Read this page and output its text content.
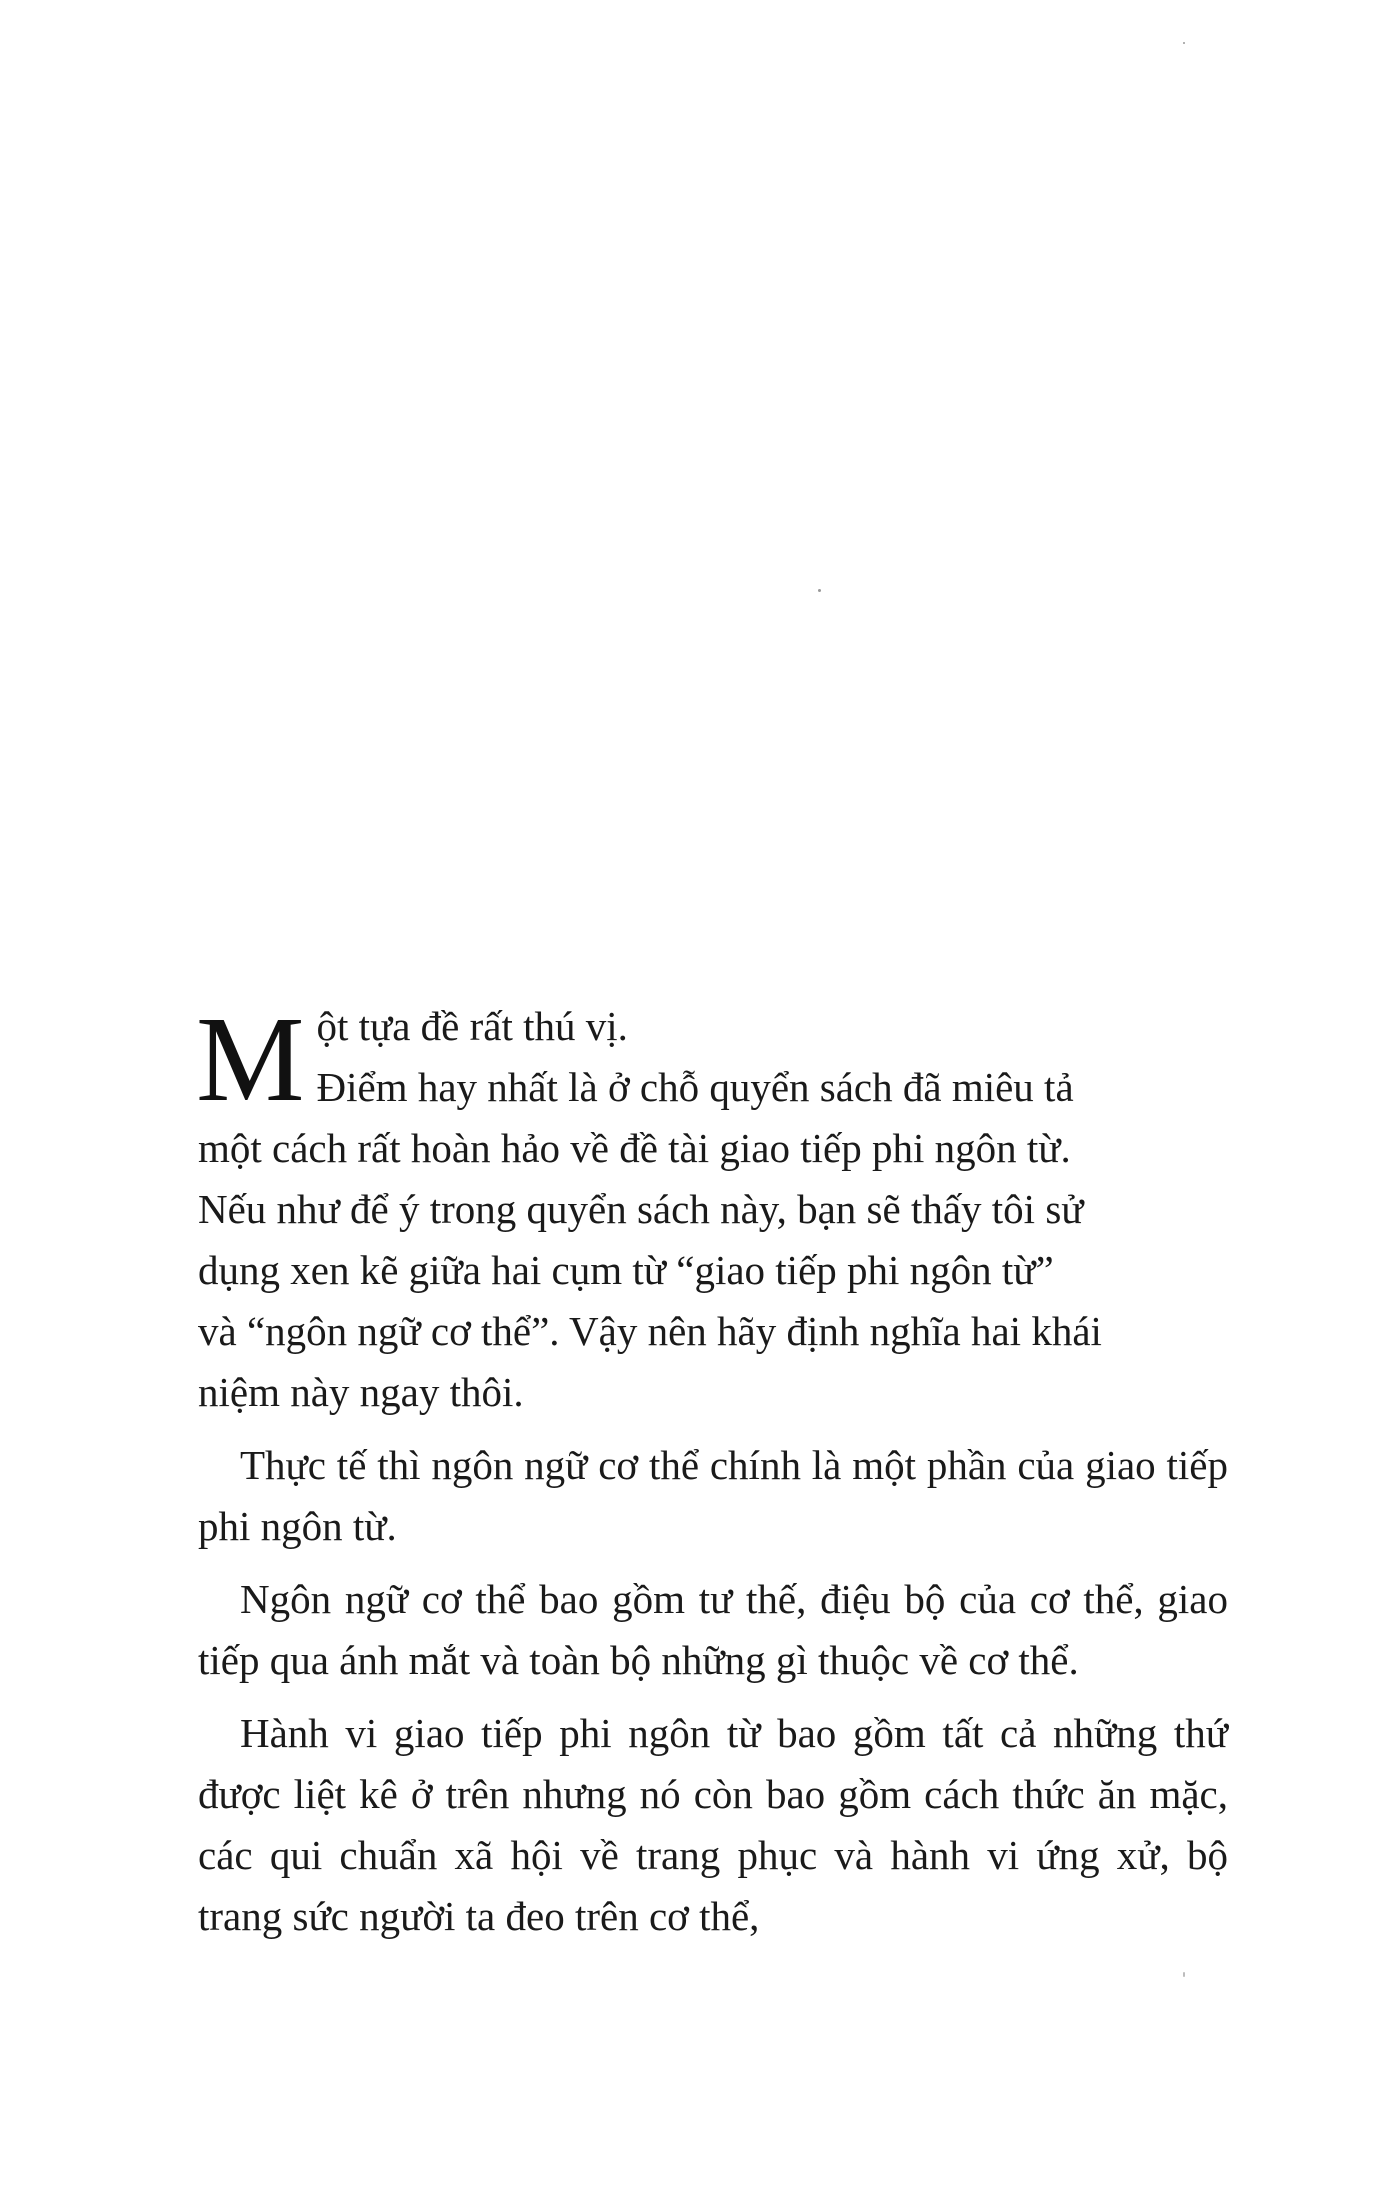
M ột tựa đề rất thú vị.
Điểm hay nhất là ở chỗ quyển sách đã miêu tả
một cách rất hoàn hảo về đề tài giao tiếp phi ngôn từ.
Nếu như để ý trong quyển sách này, bạn sẽ thấy tôi sử
dụng xen kẽ giữa hai cụm từ “giao tiếp phi ngôn từ”
và “ngôn ngữ cơ thể”. Vậy nên hãy định nghĩa hai khái
niệm này ngay thôi.

Thực tế thì ngôn ngữ cơ thể chính là một phần của giao tiếp phi ngôn từ.

Ngôn ngữ cơ thể bao gồm tư thế, điệu bộ của cơ thể, giao tiếp qua ánh mắt và toàn bộ những gì thuộc về cơ thể.

Hành vi giao tiếp phi ngôn từ bao gồm tất cả những thứ được liệt kê ở trên nhưng nó còn bao gồm cách thức ăn mặc, các qui chuẩn xã hội về trang phục và hành vi ứng xử, bộ trang sức người ta đeo trên cơ thể,
